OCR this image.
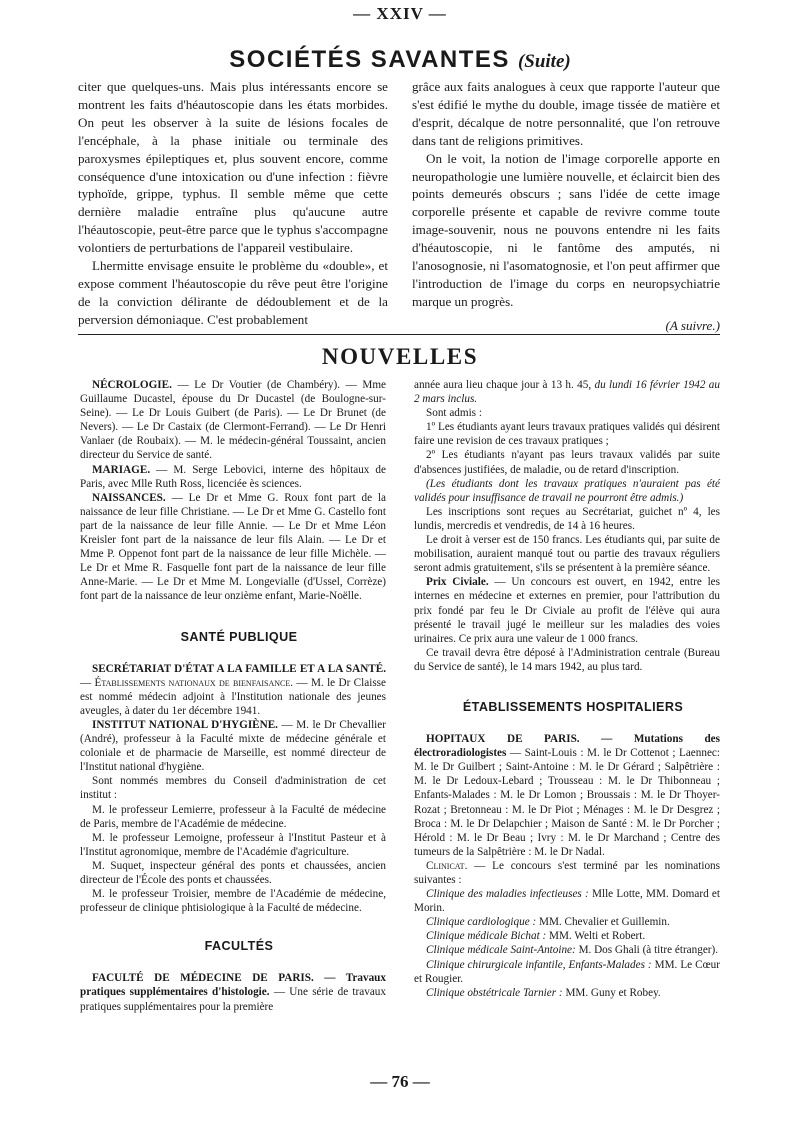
— XXIV —
SOCIÉTÉS SAVANTES (Suite)

citer que quelques-uns. Mais plus intéressants encore se montrent les faits d'héautoscopie dans les états morbides. On peut les observer à la suite de lésions focales de l'encéphale, à la phase initiale ou terminale des paroxysmes épileptiques et, plus souvent encore, comme conséquence d'une intoxication ou d'une infection : fièvre typhoïde, grippe, typhus. Il semble même que cette dernière maladie entraîne plus qu'aucune autre l'héautoscopie, peut-être parce que le typhus s'accompagne volontiers de perturbations de l'appareil vestibulaire.

Lhermitte envisage ensuite le problème du «double», et expose comment l'héautoscopie du rêve peut être l'origine de la conviction délirante de dédoublement et de la perversion démoniaque. C'est probablement

grâce aux faits analogues à ceux que rapporte l'auteur que s'est édifié le mythe du double, image tissée de matière et d'esprit, décalque de notre personnalité, que l'on retrouve dans tant de religions primitives.

On le voit, la notion de l'image corporelle apporte en neuropathologie une lumière nouvelle, et éclaircit bien des points demeurés obscurs ; sans l'idée de cette image corporelle présente et capable de revivre comme toute image-souvenir, nous ne pouvons entendre ni les faits d'héautoscopie, ni le fantôme des amputés, ni l'anosognosie, ni l'asomatognosie, et l'on peut affirmer que l'introduction de l'image du corps en neuropsychiatrie marque un progrès.

(A suivre.)

NOUVELLES

NÉCROLOGIE. — Le Dr Voutier (de Chambéry). — Mme Guillaume Ducastel, épouse du Dr Ducastel (de Boulogne-sur-Seine). — Le Dr Louis Guibert (de Paris). — Le Dr Brunet (de Nevers). — Le Dr Castaix (de Clermont-Ferrand). — Le Dr Henri Vanlaer (de Roubaix). — M. le médecin-général Toussaint, ancien directeur du Service de santé.

MARIAGE. — M. Serge Lebovici, interne des hôpitaux de Paris, avec Mlle Ruth Ross, licenciée ès sciences.

NAISSANCES. — Le Dr et Mme G. Roux font part de la naissance de leur fille Christiane. — Le Dr et Mme G. Castello font part de la naissance de leur fille Annie. — Le Dr et Mme Léon Kreisler font part de la naissance de leur fils Alain. — Le Dr et Mme P. Oppenot font part de la naissance de leur fille Michèle. — Le Dr et Mme R. Fasquelle font part de la naissance de leur fille Anne-Marie. — Le Dr et Mme M. Longevialle (d'Ussel, Corrèze) font part de la naissance de leur onzième enfant, Marie-Noëlle.

SANTÉ PUBLIQUE

SECRÉTARIAT D'ÉTAT A LA FAMILLE ET A LA SANTÉ. — Établissements nationaux de bienfaisance. — M. le Dr Claisse est nommé médecin adjoint à l'Institution nationale des jeunes aveugles, à dater du 1er décembre 1941.

INSTITUT NATIONAL D'HYGIÈNE. — M. le Dr Chevallier (André), professeur à la Faculté mixte de médecine générale et coloniale et de pharmacie de Marseille, est nommé directeur de l'Institut national d'hygiène.

Sont nommés membres du Conseil d'administration de cet institut :

M. le professeur Lemierre, professeur à la Faculté de médecine de Paris, membre de l'Académie de médecine.

M. le professeur Lemoigne, professeur à l'Institut Pasteur et à l'Institut agronomique, membre de l'Académie d'agriculture.

M. Suquet, inspecteur général des ponts et chaussées, ancien directeur de l'École des ponts et chaussées.

M. le professeur Troisier, membre de l'Académie de médecine, professeur de clinique phtisiologique à la Faculté de médecine.

FACULTÉS

FACULTÉ DE MÉDECINE DE PARIS. — Travaux pratiques supplémentaires d'histologie. — Une série de travaux pratiques supplémentaires pour la première

année aura lieu chaque jour à 13 h. 45, du lundi 16 février 1942 au 2 mars inclus.

Sont admis :

1º Les étudiants ayant leurs travaux pratiques validés qui désirent faire une revision de ces travaux pratiques ;

2º Les étudiants n'ayant pas leurs travaux validés par suite d'absences justifiées, de maladie, ou de retard d'inscription.

(Les étudiants dont les travaux pratiques n'auraient pas été validés pour insuffisance de travail ne pourront être admis.)

Les inscriptions sont reçues au Secrétariat, guichet nº 4, les lundis, mercredis et vendredis, de 14 à 16 heures.

Le droit à verser est de 150 francs. Les étudiants qui, par suite de mobilisation, auraient manqué tout ou partie des travaux réguliers seront admis gratuitement, s'ils se présentent à la première séance.

Prix Civiale. — Un concours est ouvert, en 1942, entre les internes en médecine et externes en premier, pour l'attribution du prix fondé par feu le Dr Civiale au profit de l'élève qui aura présenté le travail jugé le meilleur sur les maladies des voies urinaires. Ce prix aura une valeur de 1 000 francs.

Ce travail devra être déposé à l'Administration centrale (Bureau du Service de santé), le 14 mars 1942, au plus tard.

ÉTABLISSEMENTS HOSPITALIERS

HOPITAUX DE PARIS. — Mutations des électroradiologistes — Saint-Louis : M. le Dr Cottenot ; Laennec: M. le Dr Guilbert ; Saint-Antoine : M. le Dr Gérard ; Salpêtrière : M. le Dr Ledoux-Lebard ; Trousseau : M. le Dr Thibonneau ; Enfants-Malades : M. le Dr Lomon ; Broussais : M. le Dr Thoyer-Rozat ; Bretonneau : M. le Dr Piot ; Ménages : M. le Dr Desgrez ; Broca : M. le Dr Delapchier ; Maison de Santé : M. le Dr Porcher ; Hérold : M. le Dr Beau ; Ivry : M. le Dr Marchand ; Centre des tumeurs de la Salpêtrière : M. le Dr Nadal.

Clinicat. — Le concours s'est terminé par les nominations suivantes :

Clinique des maladies infectieuses : Mlle Lotte, MM. Domard et Morin.

Clinique cardiologique : MM. Chevalier et Guillemin.

Clinique médicale Bichat : MM. Welti et Robert.

Clinique médicale Saint-Antoine: M. Dos Ghali (à titre étranger).

Clinique chirurgicale infantile, Enfants-Malades : MM. Le Cœur et Rougier.

Clinique obstétricale Tarnier : MM. Guny et Robey.

— 76 —
